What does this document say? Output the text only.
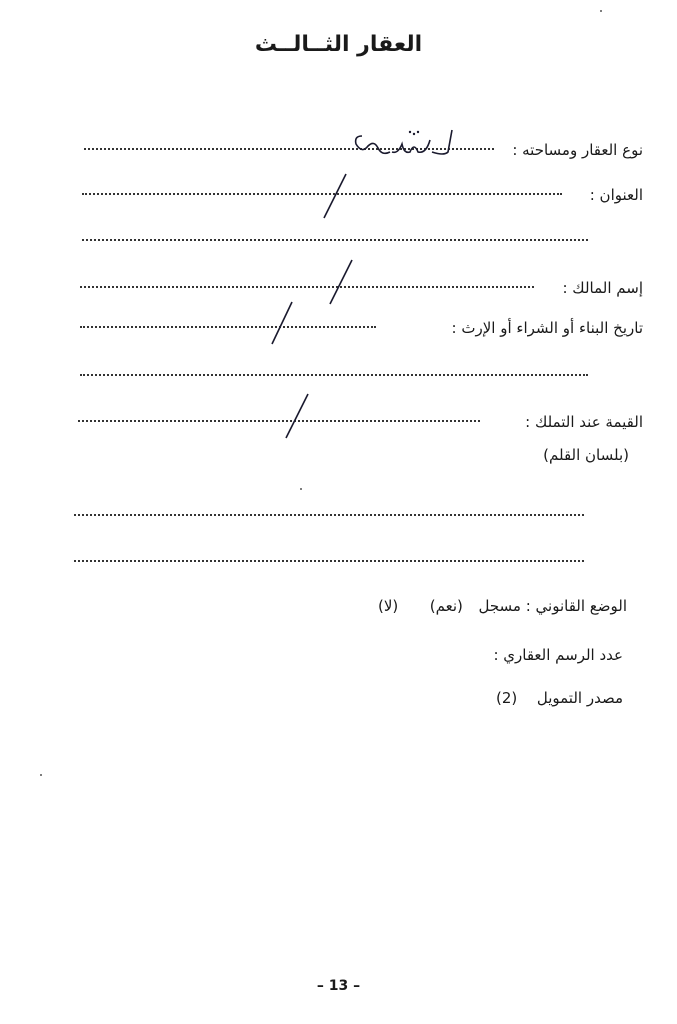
العقار الثــالــث
نوع العقار ومساحته :
العنوان :
إسم المالك :
تاريخ البناء أو الشراء أو الإرث :
القيمة عند التملك :
(بلسان القلم)
الوضع القانوني : مسجل  (نعم)  (لا)
عدد الرسم العقاري :
مصدر التمويل  (2)
– 13 –
